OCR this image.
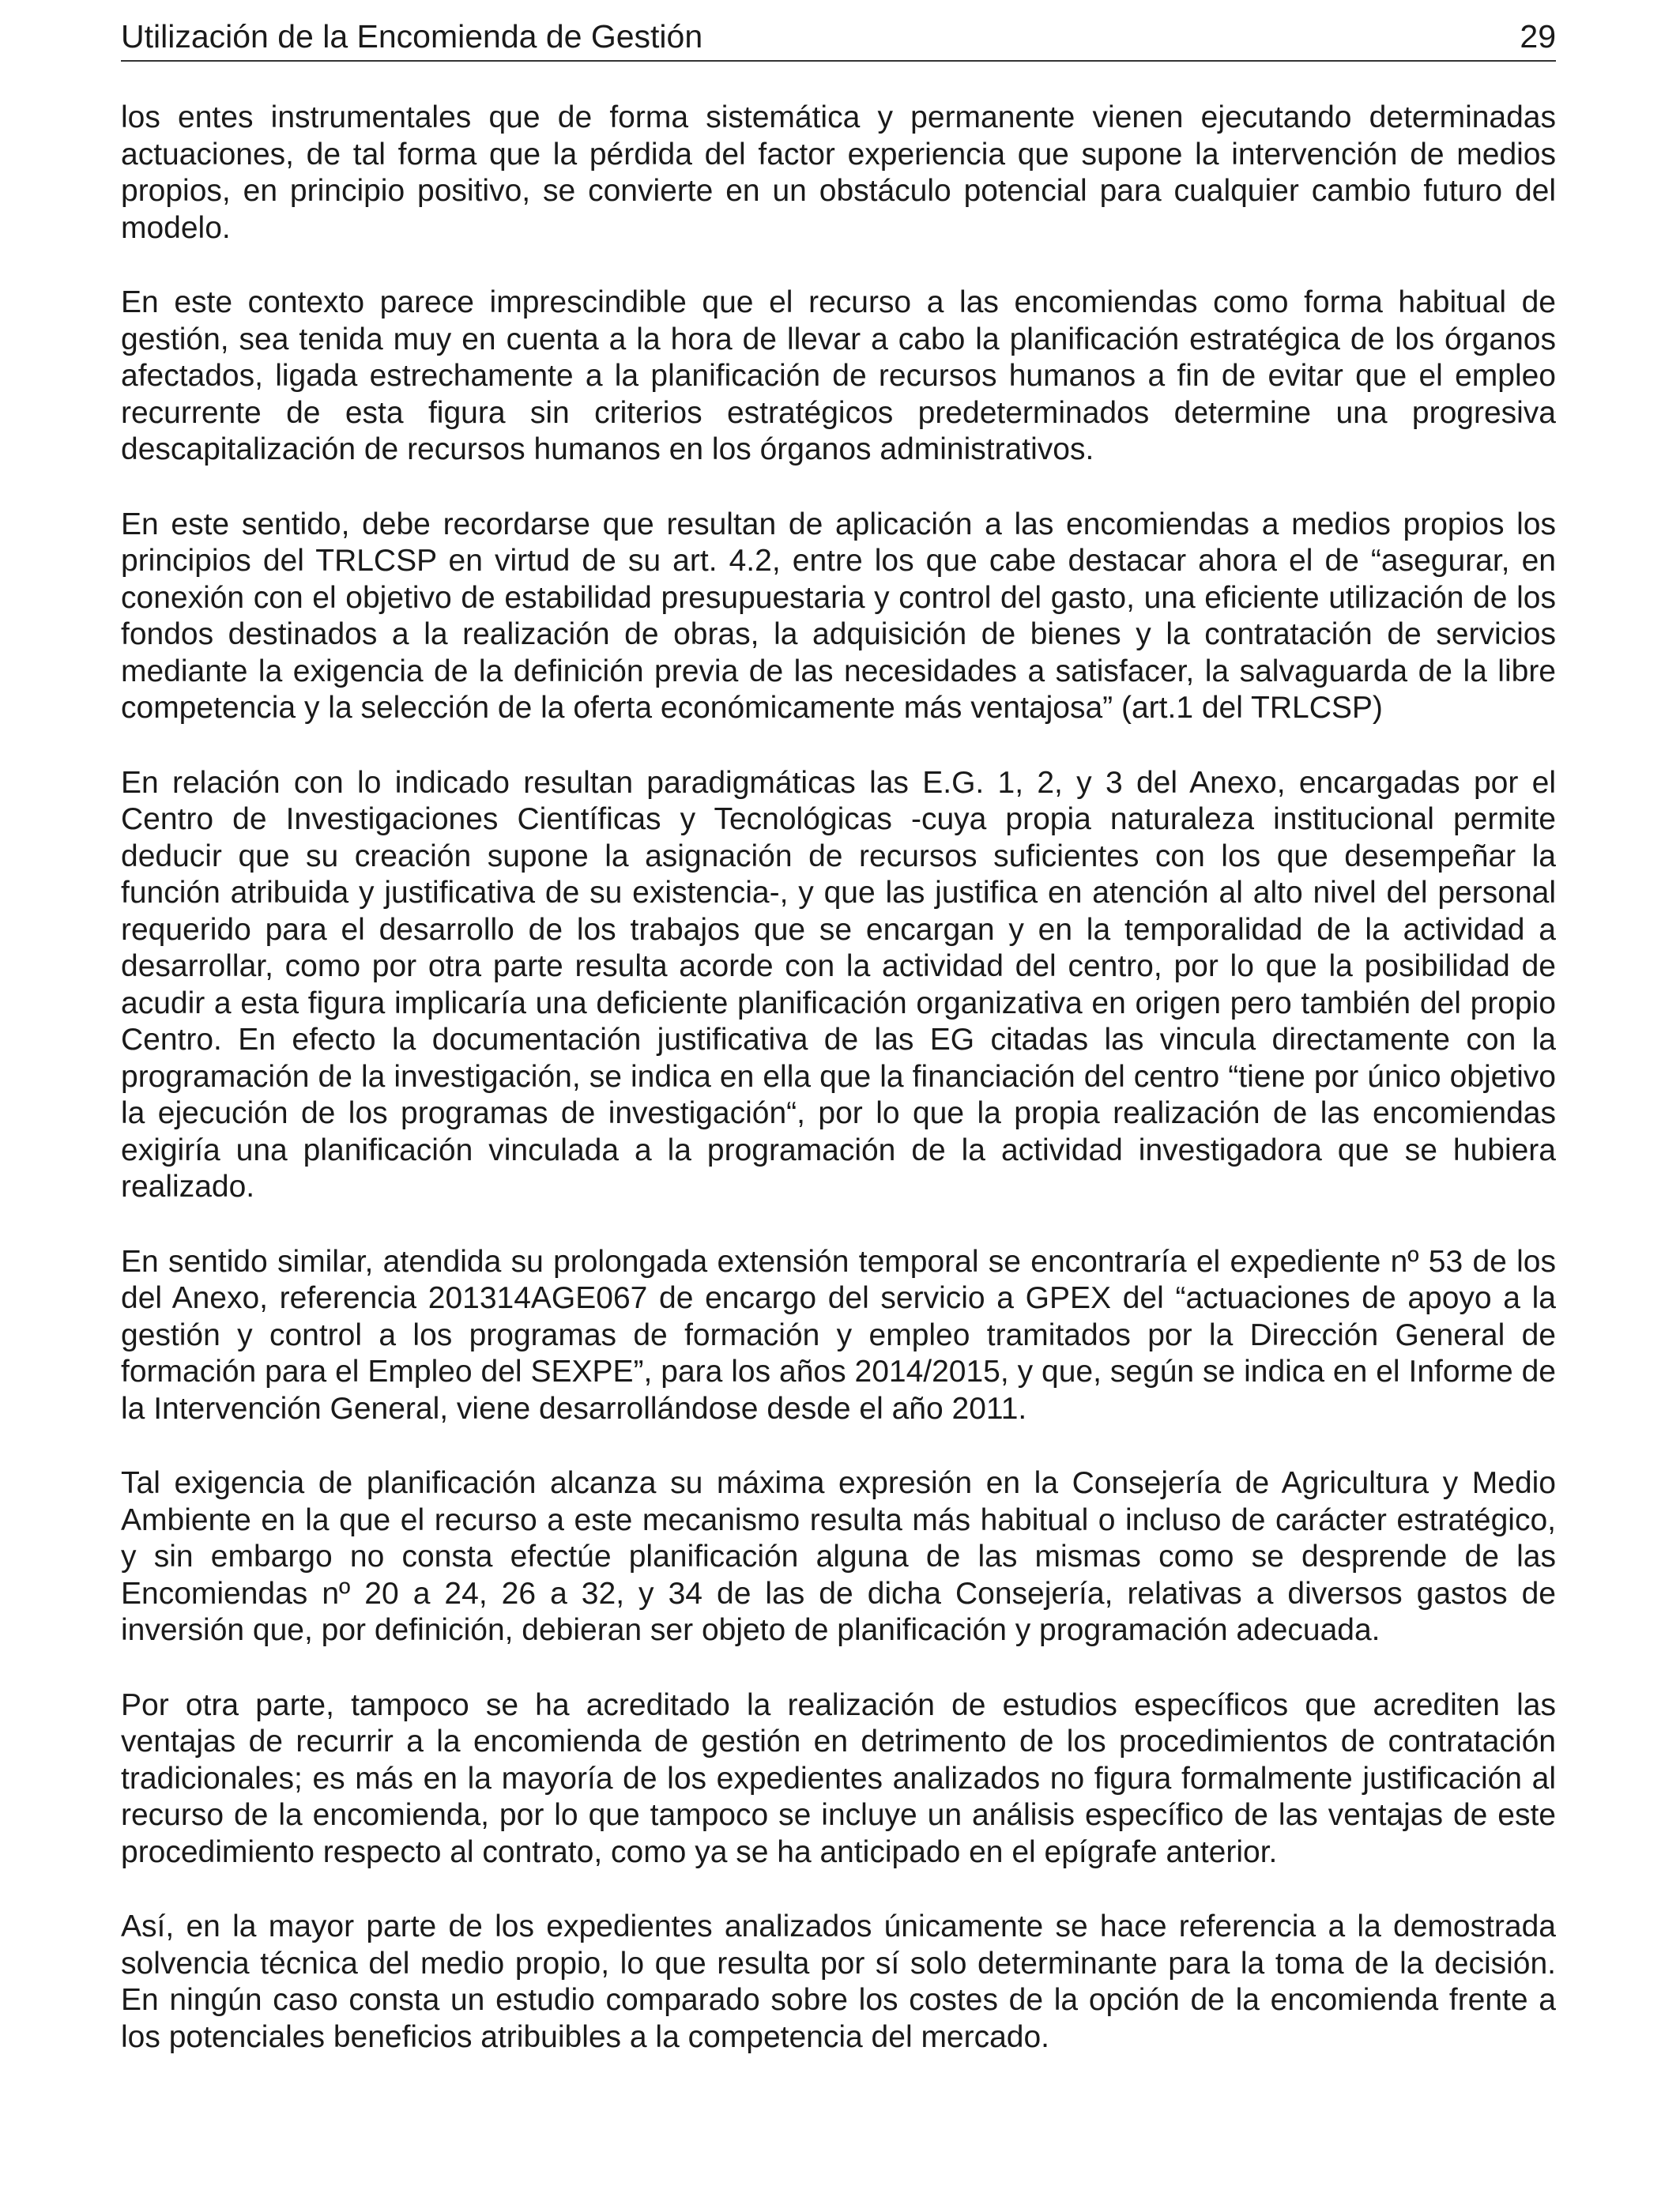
Utilización de la Encomienda de Gestión	29

los entes instrumentales que de forma sistemática y permanente vienen ejecutando determinadas actuaciones, de tal forma que la pérdida del factor experiencia que supone la intervención de medios propios, en principio positivo, se convierte en un obstáculo potencial para cualquier cambio futuro del modelo.

En este contexto parece imprescindible que el recurso a las encomiendas como forma habitual de gestión, sea tenida muy en cuenta a la hora de llevar a cabo la planificación estratégica de los órganos afectados, ligada estrechamente a la planificación de recursos humanos a fin de evitar que el empleo recurrente de esta figura sin criterios estratégicos predeterminados determine una progresiva descapitalización de recursos humanos en los órganos administrativos.

En este sentido, debe recordarse que resultan de aplicación a las encomiendas a medios propios los principios del TRLCSP en virtud de su art. 4.2, entre los que cabe destacar ahora el de “asegurar, en conexión con el objetivo de estabilidad presupuestaria y control del gasto, una eficiente utilización de los fondos destinados a la realización de obras, la adquisición de bienes y la contratación de servicios mediante la exigencia de la definición previa de las necesidades a satisfacer, la salvaguarda de la libre competencia y la selección de la oferta económicamente más ventajosa” (art.1 del TRLCSP)

En relación con lo indicado resultan paradigmáticas las E.G. 1, 2, y 3 del Anexo, encargadas por el Centro de Investigaciones Científicas y Tecnológicas -cuya propia naturaleza institucional permite deducir que su creación supone la asignación de recursos suficientes con los que desempeñar la función atribuida y justificativa de su existencia-, y que las justifica en atención al alto nivel del personal requerido para el desarrollo de los trabajos que se encargan y en la temporalidad de la actividad a desarrollar, como por otra parte resulta acorde con la actividad del centro, por lo que la posibilidad de acudir a esta figura implicaría una deficiente planificación organizativa en origen pero también del propio Centro. En efecto la documentación justificativa de las EG citadas las vincula directamente con la programación de la investigación, se indica en ella que la financiación del centro “tiene por único objetivo la ejecución de los programas de investigación“, por lo que la propia realización de las encomiendas exigiría una planificación vinculada a la programación de la actividad investigadora que se hubiera realizado.

En sentido similar, atendida su prolongada extensión temporal se encontraría el expediente nº 53 de los del Anexo, referencia 201314AGE067 de encargo del servicio a GPEX del “actuaciones de apoyo a la gestión y control a los programas de formación y empleo tramitados por la Dirección General de formación para el Empleo del SEXPE”, para los años 2014/2015, y que, según se indica en el Informe de la Intervención General, viene desarrollándose desde el año 2011.

Tal exigencia de planificación alcanza su máxima expresión en la Consejería de Agricultura y Medio Ambiente en la que el recurso a este mecanismo resulta más habitual o incluso de carácter estratégico, y sin embargo no consta efectúe planificación alguna de las mismas como se desprende de las Encomiendas nº 20 a 24, 26 a 32, y 34 de las de dicha Consejería, relativas a diversos gastos de inversión que, por definición, debieran ser objeto de planificación y programación adecuada.

Por otra parte, tampoco se ha acreditado la realización de estudios específicos que acrediten las ventajas de recurrir a la encomienda de gestión en detrimento de los procedimientos de contratación tradicionales; es más en la mayoría de los expedientes analizados no figura formalmente justificación al recurso de la encomienda, por lo que tampoco se incluye un análisis específico de las ventajas de este procedimiento respecto al contrato, como ya se ha anticipado en el epígrafe anterior.

Así, en la mayor parte de los expedientes analizados únicamente se hace referencia a la demostrada solvencia técnica del medio propio, lo que resulta por sí solo determinante para la toma de la decisión. En ningún caso consta un estudio comparado sobre los costes de la opción de la encomienda frente a los potenciales beneficios atribuibles a la competencia del mercado.
